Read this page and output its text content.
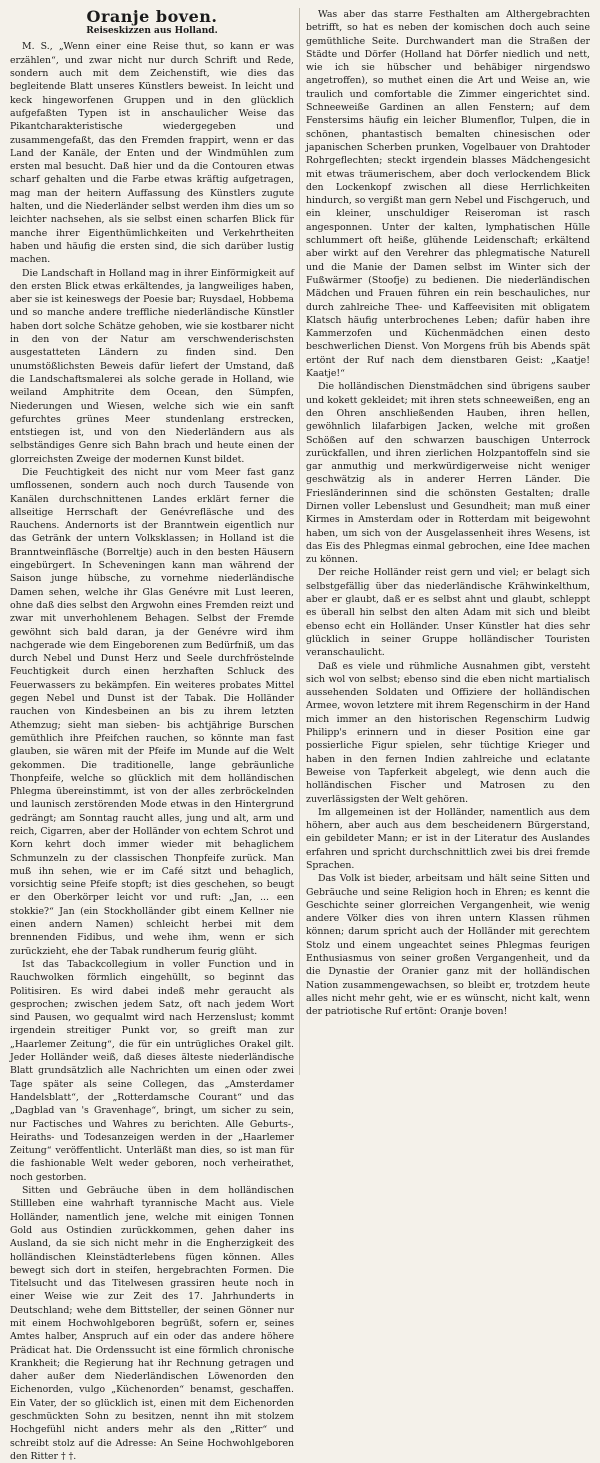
Oranje boven.
Reiseskizzen aus Holland.

M. S., „Wenn einer eine Reise thut, so kann er was erzählen“, und zwar nicht nur durch Schrift und Rede, sondern auch mit dem Zeichenstift, wie dies das begleitende Blatt unseres Künstlers beweist. In leicht und keck hingeworfenen Gruppen und in den glücklich aufgefaßten Typen ist in anschaulicher Weise das Pikantcharakteristische wiedergegeben und zusammengefaßt, das den Fremden frappirt, wenn er das Land der Kanäle, der Enten und der Windmühlen zum ersten mal besucht. Daß hier und da die Contouren etwas scharf gehalten und die Farbe etwas kräftig aufgetragen, mag man der heitern Auffassung des Künstlers zugute halten, und die Niederländer selbst werden ihm dies um so leichter nachsehen, als sie selbst einen scharfen Blick für manche ihrer Eigenthümlichkeiten und Verkehrtheiten haben und häufig die ersten sind, die sich darüber lustig machen.

Die Landschaft in Holland mag in ihrer Einförmigkeit auf den ersten Blick etwas erkältendes, ja langweiliges haben, aber sie ist keineswegs der Poesie bar; Ruysdael, Hobbema und so manche andere treffliche niederländische Künstler haben dort solche Schätze gehoben, wie sie kostbarer nicht in den von der Natur am verschwenderischsten ausgestatteten Ländern zu finden sind. Den unumstößlichsten Beweis dafür liefert der Umstand, daß die Landschaftsmalerei als solche gerade in Holland, wie weiland Amphitrite dem Ocean, den Sümpfen, Niederungen und Wiesen, welche sich wie ein sanft gefurchtes grünes Meer stundenlang erstrecken, entstiegen ist, und von den Niederländern aus als selbständiges Genre sich Bahn brach und heute einen der glorreichsten Zweige der modernen Kunst bildet.

Die Feuchtigkeit des nicht nur vom Meer fast ganz umflossenen, sondern auch noch durch Tausende von Kanälen durchschnittenen Landes erklärt ferner die allseitige Herrschaft der Genévrefläsche und des Rauchens. Andernorts ist der Branntwein eigentlich nur das Getränk der untern Volksklassen; in Holland ist die Branntweinfläsche (Borreltje) auch in den besten Häusern eingebürgert. In Scheveningen kann man während der Saison junge hübsche, zu vornehme niederländische Damen sehen, welche ihr Glas Genévre mit Lust leeren, ohne daß dies selbst den Argwohn eines Fremden reizt und zwar mit unverhohlenem Behagen. Selbst der Fremde gewöhnt sich bald daran, ja der Genévre wird ihm nachgerade wie dem Eingeborenen zum Bedürfniß, um das durch Nebel und Dunst Herz und Seele durchfröstelnde Feuchtigkeit durch einen herzhaften Schluck des Feuerwassers zu bekämpfen. Ein weiteres probates Mittel gegen Nebel und Dunst ist der Tabak. Die Holländer rauchen von Kindesbeinen an bis zu ihrem letzten Athemzug; sieht man sieben- bis achtjährige Burschen gemüthlich ihre Pfeifchen rauchen, so könnte man fast glauben, sie wären mit der Pfeife im Munde auf die Welt gekommen. Die traditionelle, lange gebräunliche Thonpfeife, welche so glücklich mit dem holländischen Phlegma übereinstimmt, ist von der alles zerbröckelnden und launisch zerstörenden Mode etwas in den Hintergrund gedrängt; am Sonntag raucht alles, jung und alt, arm und reich, Cigarren, aber der Holländer von echtem Schrot und Korn kehrt doch immer wieder mit behaglichem Schmunzeln zu der classischen Thonpfeife zurück. Man muß ihn sehen, wie er im Café sitzt und behaglich, vorsichtig seine Pfeife stopft; ist dies geschehen, so beugt er den Oberkörper leicht vor und ruft: „Jan, ... een stokkie?“ Jan (ein Stockholländer gibt einem Kellner nie einen andern Namen) schleicht herbei mit dem brennenden Fidibus, und wehe ihm, wenn er sich zurückzieht, ehe der Tabak rundherum feurig glüht.

Ist das Tabackcollegium in voller Function und in Rauchwolken förmlich eingehüllt, so beginnt das Politisiren. Es wird dabei indeß mehr geraucht als gesprochen; zwischen jedem Satz, oft nach jedem Wort sind Pausen, wo gequalmt wird nach Herzenslust; kommt irgendein streitiger Punkt vor, so greift man zur „Haarlemer Zeitung“, die für ein untrügliches Orakel gilt. Jeder Holländer weiß, daß dieses älteste niederländische Blatt grundsätzlich alle Nachrichten um einen oder zwei Tage später als seine Collegen, das „Amsterdamer Handelsblatt“, der „Rotterdamsche Courant“ und das „Dagblad van 's Gravenhage“, bringt, um sicher zu sein, nur Factisches und Wahres zu berichten. Alle Geburts-, Heiraths- und Todesanzeigen werden in der „Haarlemer Zeitung“ veröffentlicht. Unterläßt man dies, so ist man für die fashionable Welt weder geboren, noch verheirathet, noch gestorben.

Sitten und Gebräuche üben in dem holländischen Stillleben eine wahrhaft tyrannische Macht aus. Viele Holländer, namentlich jene, welche mit einigen Tonnen Gold aus Ostindien zurückkommen, gehen daher ins Ausland, da sie sich nicht mehr in die Engherzigkeit des holländischen Kleinstädterlebens fügen können. Alles bewegt sich dort in steifen, hergebrachten Formen. Die Titelsucht und das Titelwesen grassiren heute noch in einer Weise wie zur Zeit des 17. Jahrhunderts in Deutschland; wehe dem Bittsteller, der seinen Gönner nur mit einem Hochwohlgeboren begrüßt, sofern er, seines Amtes halber, Anspruch auf ein oder das andere höhere Prädicat hat. Die Ordenssucht ist eine förmlich chronische Krankheit; die Regierung hat ihr Rechnung getragen und daher außer dem Niederländischen Löwenorden den Eichenorden, vulgo „Küchenorden“ benamst, geschaffen. Ein Vater, der so glücklich ist, einen mit dem Eichenorden geschmückten Sohn zu besitzen, nennt ihn mit stolzem Hochgefühl nicht anders mehr als den „Ritter“ und schreibt stolz auf die Adresse: An Seine Hochwohlgeboren den Ritter † †.

Was aber das starre Festhalten am Althergebrachten betrifft, so hat es neben der komischen doch auch seine gemüthliche Seite. Durchwandert man die Straßen der Städte und Dörfer (Holland hat Dörfer niedlich und nett, wie ich sie hübscher und behäbiger nirgendswo angetroffen), so muthet einen die Art und Weise an, wie traulich und comfortable die Zimmer eingerichtet sind. Schneeweiße Gardinen an allen Fenstern; auf dem Fenstersims häufig ein leicher Blumenflor, Tulpen, die in schönen, phantastisch bemalten chinesischen oder japanischen Scherben prunken, Vogelbauer von Drahtoder Rohrgeflechten; steckt irgendein blasses Mädchengesicht mit etwas träumerischem, aber doch verlockendem Blick den Lockenkopf zwischen all diese Herrlichkeiten hindurch, so vergißt man gern Nebel und Fischgeruch, und ein kleiner, unschuldiger Reiseroman ist rasch angesponnen. Unter der kalten, lymphatischen Hülle schlummert oft heiße, glühende Leidenschaft; erkältend aber wirkt auf den Verehrer das phlegmatische Naturell und die Manie der Damen selbst im Winter sich der Fußwärmer (Stoofje) zu bedienen. Die niederländischen Mädchen und Frauen führen ein rein beschauliches, nur durch zahlreiche Thee- und Kaffeevisiten mit obligatem Klatsch häufig unterbrochenes Leben; dafür haben ihre Kammerzofen und Küchenmädchen einen desto beschwerlichen Dienst. Von Morgens früh bis Abends spät ertönt der Ruf nach dem dienstbaren Geist: „Kaatje! Kaatje!“

Die holländischen Dienstmädchen sind übrigens sauber und kokett gekleidet; mit ihren stets schneeweißen, eng an den Ohren anschließenden Hauben, ihren hellen, gewöhnlich lilafarbigen Jacken, welche mit großen Schößen auf den schwarzen bauschigen Unterrock zurückfallen, und ihren zierlichen Holzpantoffeln sind sie gar anmuthig und merkwürdigerweise nicht weniger geschwätzig als in anderer Herren Länder. Die Friesländerinnen sind die schönsten Gestalten; dralle Dirnen voller Lebenslust und Gesundheit; man muß einer Kirmes in Amsterdam oder in Rotterdam mit beigewohnt haben, um sich von der Ausgelassenheit ihres Wesens, ist das Eis des Phlegmas einmal gebrochen, eine Idee machen zu können.

Der reiche Holländer reist gern und viel; er belagt sich selbstgefällig über das niederländische Krähwinkelthum, aber er glaubt, daß er es selbst ahnt und glaubt, schleppt es überall hin selbst den alten Adam mit sich und bleibt ebenso echt ein Holländer. Unser Künstler hat dies sehr glücklich in seiner Gruppe holländischer Touristen veranschaulicht.

Daß es viele und rühmliche Ausnahmen gibt, versteht sich wol von selbst; ebenso sind die eben nicht martialisch aussehenden Soldaten und Offiziere der holländischen Armee, wovon letztere mit ihrem Regenschirm in der Hand mich immer an den historischen Regenschirm Ludwig Philipp's erinnern und in dieser Position eine gar possierliche Figur spielen, sehr tüchtige Krieger und haben in den fernen Indien zahlreiche und eclatante Beweise von Tapferkeit abgelegt, wie denn auch die holländischen Fischer und Matrosen zu den zuverlässigsten der Welt gehören.

Im allgemeinen ist der Holländer, namentlich aus dem höhern, aber auch aus dem bescheidenern Bürgerstand, ein gebildeter Mann; er ist in der Literatur des Auslandes erfahren und spricht durchschnittlich zwei bis drei fremde Sprachen.

Das Volk ist bieder, arbeitsam und hält seine Sitten und Gebräuche und seine Religion hoch in Ehren; es kennt die Geschichte seiner glorreichen Vergangenheit, wie wenig andere Völker dies von ihren untern Klassen rühmen können; darum spricht auch der Holländer mit gerechtem Stolz und einem ungeachtet seines Phlegmas feurigen Enthusiasmus von seiner großen Vergangenheit, und da die Dynastie der Oranier ganz mit der holländischen Nation zusammengewachsen, so bleibt er, trotzdem heute alles nicht mehr geht, wie er es wünscht, nicht kalt, wenn der patriotische Ruf ertönt: Oranje boven!
